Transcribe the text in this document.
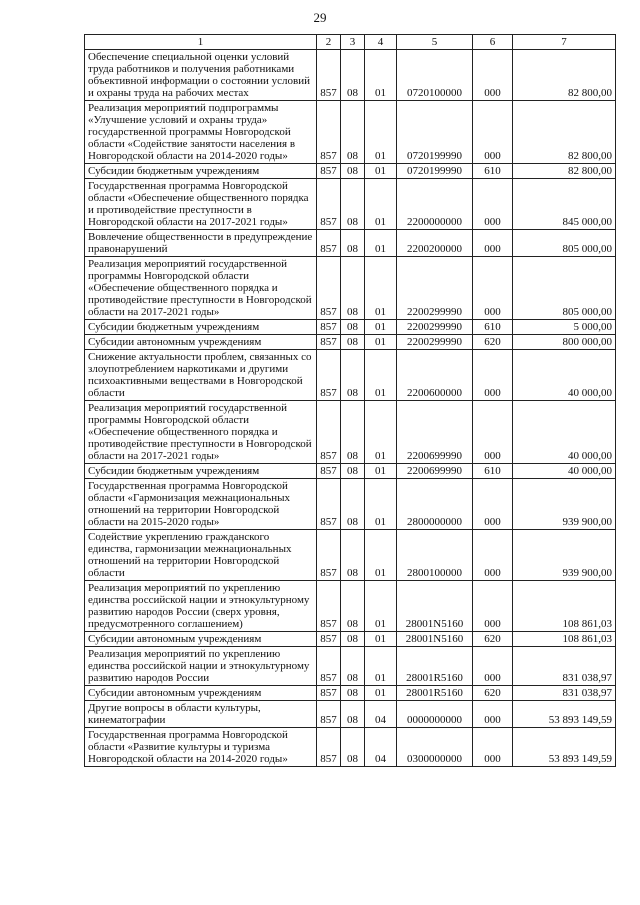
29
1	2	3	4	5	6	7
Обеспечение специальной оценки условий труда работников и получения работниками объективной информации о состоянии условий и охраны труда на рабочих местах	857	08	01	0720100000	000	82 800,00
Реализация мероприятий подпрограммы «Улучшение условий и охраны труда» государственной программы Новгородской области «Содействие занятости населения в Новгородской области на 2014-2020 годы»	857	08	01	0720199990	000	82 800,00
Субсидии бюджетным учреждениям	857	08	01	0720199990	610	82 800,00
Государственная программа Новгородской области «Обеспечение общественного порядка и противодействие преступности в Новгородской области на 2017-2021 годы»	857	08	01	2200000000	000	845 000,00
Вовлечение общественности в предупреждение правонарушений	857	08	01	2200200000	000	805 000,00
Реализация мероприятий государственной программы Новгородской области «Обеспечение общественного порядка и противодействие преступности в Новгородской области на 2017-2021 годы»	857	08	01	2200299990	000	805 000,00
Субсидии бюджетным учреждениям	857	08	01	2200299990	610	5 000,00
Субсидии автономным учреждениям	857	08	01	2200299990	620	800 000,00
Снижение актуальности проблем, связанных со злоупотреблением наркотиками и другими психоактивными веществами в Новгородской области	857	08	01	2200600000	000	40 000,00
Реализация мероприятий государственной программы Новгородской области «Обеспечение общественного порядка и противодействие преступности в Новгородской области на 2017-2021 годы»	857	08	01	2200699990	000	40 000,00
Субсидии бюджетным учреждениям	857	08	01	2200699990	610	40 000,00
Государственная программа Новгородской области «Гармонизация межнациональных отношений на территории Новгородской области на 2015-2020 годы»	857	08	01	2800000000	000	939 900,00
Содействие укреплению гражданского единства, гармонизации межнациональных отношений на территории Новгородской области	857	08	01	2800100000	000	939 900,00
Реализация мероприятий по укреплению единства российской нации и этнокультурному развитию народов России (сверх уровня, предусмотренного соглашением)	857	08	01	28001N5160	000	108 861,03
Субсидии автономным учреждениям	857	08	01	28001N5160	620	108 861,03
Реализация мероприятий по укреплению единства российской нации и этнокультурному развитию народов России	857	08	01	28001R5160	000	831 038,97
Субсидии автономным учреждениям	857	08	01	28001R5160	620	831 038,97
Другие вопросы в области культуры, кинематографии	857	08	04	0000000000	000	53 893 149,59
Государственная программа Новгородской области «Развитие культуры и туризма Новгородской области на 2014-2020 годы»	857	08	04	0300000000	000	53 893 149,59
